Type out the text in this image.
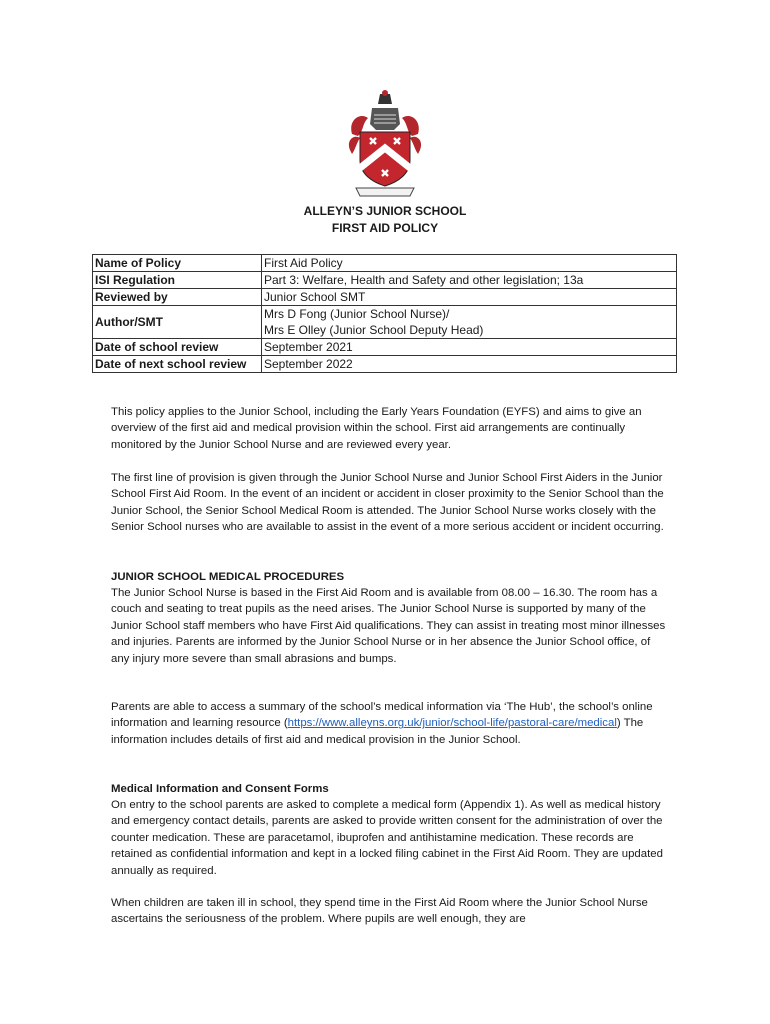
ALLEYN’S JUNIOR SCHOOL
FIRST AID POLICY
Name of Policy	First Aid Policy
ISI Regulation	Part 3: Welfare, Health and Safety and other legislation; 13a
Reviewed by	Junior School SMT
Author/SMT	Mrs D Fong (Junior School Nurse)/
Mrs E Olley (Junior School Deputy Head)
Date of school review	September 2021
Date of next school review	September 2022

This policy applies to the Junior School, including the Early Years Foundation (EYFS) and aims to give an overview of the first aid and medical provision within the school. First aid arrangements are continually monitored by the Junior School Nurse and are reviewed every year.

The first line of provision is given through the Junior School Nurse and Junior School First Aiders in the Junior School First Aid Room. In the event of an incident or accident in closer proximity to the Senior School than the Junior School, the Senior School Medical Room is attended. The Junior School Nurse works closely with the Senior School nurses who are available to assist in the event of a more serious accident or incident occurring.

JUNIOR SCHOOL MEDICAL PROCEDURES

The Junior School Nurse is based in the First Aid Room and is available from 08.00 – 16.30. The room has a couch and seating to treat pupils as the need arises. The Junior School Nurse is supported by many of the Junior School staff members who have First Aid qualifications. They can assist in treating most minor illnesses and injuries. Parents are informed by the Junior School Nurse or in her absence the Junior School office, of any injury more severe than small abrasions and bumps.

Parents are able to access a summary of the school’s medical information via ‘The Hub’, the school’s online information and learning resource (https://www.alleyns.org.uk/junior/school-life/pastoral-care/medical) The information includes details of first aid and medical provision in the Junior School.

Medical Information and Consent Forms

On entry to the school parents are asked to complete a medical form (Appendix 1). As well as medical history and emergency contact details, parents are asked to provide written consent for the administration of over the counter medication. These are paracetamol, ibuprofen and antihistamine medication. These records are retained as confidential information and kept in a locked filing cabinet in the First Aid Room. They are updated annually as required.

When children are taken ill in school, they spend time in the First Aid Room where the Junior School Nurse ascertains the seriousness of the problem. Where pupils are well enough, they are
